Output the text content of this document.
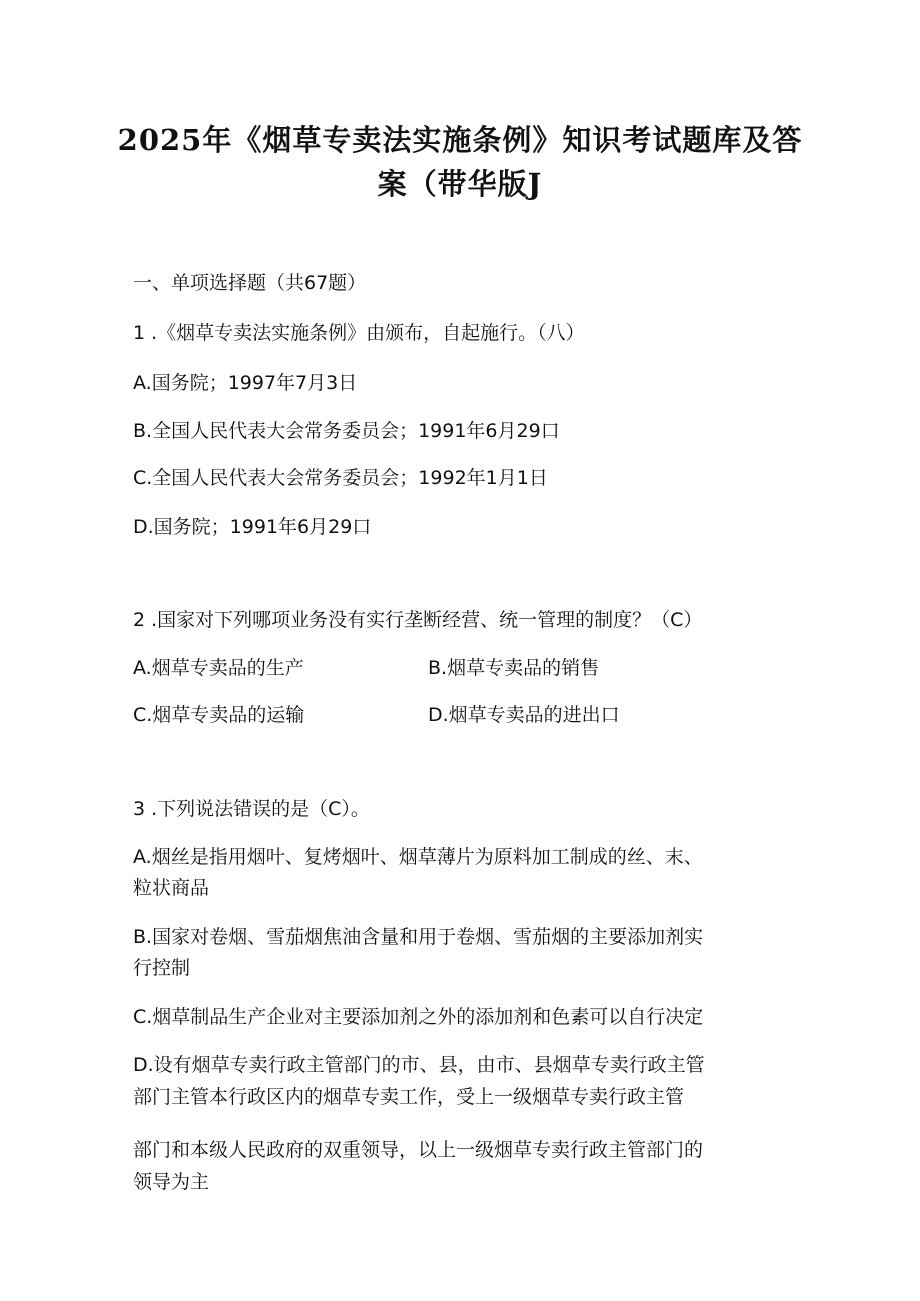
2025年《烟草专卖法实施条例》知识考试题库及答
案（带华版J
一、单项选择题（共67题）
1 .《烟草专卖法实施条例》由颁布，自起施行。（八）
A.国务院；1997年7月3日
B.全国人民代表大会常务委员会；1991年6月29口
C.全国人民代表大会常务委员会；1992年1月1日
D.国务院；1991年6月29口
2 .国家对下列哪项业务没有实行垄断经营、统一管理的制度？（C）
A.烟草专卖品的生产	B.烟草专卖品的销售
C.烟草专卖品的运输	D.烟草专卖品的进出口
3 .下列说法错误的是（C）。
A.烟丝是指用烟叶、复烤烟叶、烟草薄片为原料加工制成的丝、末、
粒状商品
B.国家对卷烟、雪茄烟焦油含量和用于卷烟、雪茄烟的主要添加剂实
行控制
C.烟草制品生产企业对主要添加剂之外的添加剂和色素可以自行决定
D.设有烟草专卖行政主管部门的市、县，由市、县烟草专卖行政主管
部门主管本行政区内的烟草专卖工作，受上一级烟草专卖行政主管
部门和本级人民政府的双重领导，以上一级烟草专卖行政主管部门的
领导为主
